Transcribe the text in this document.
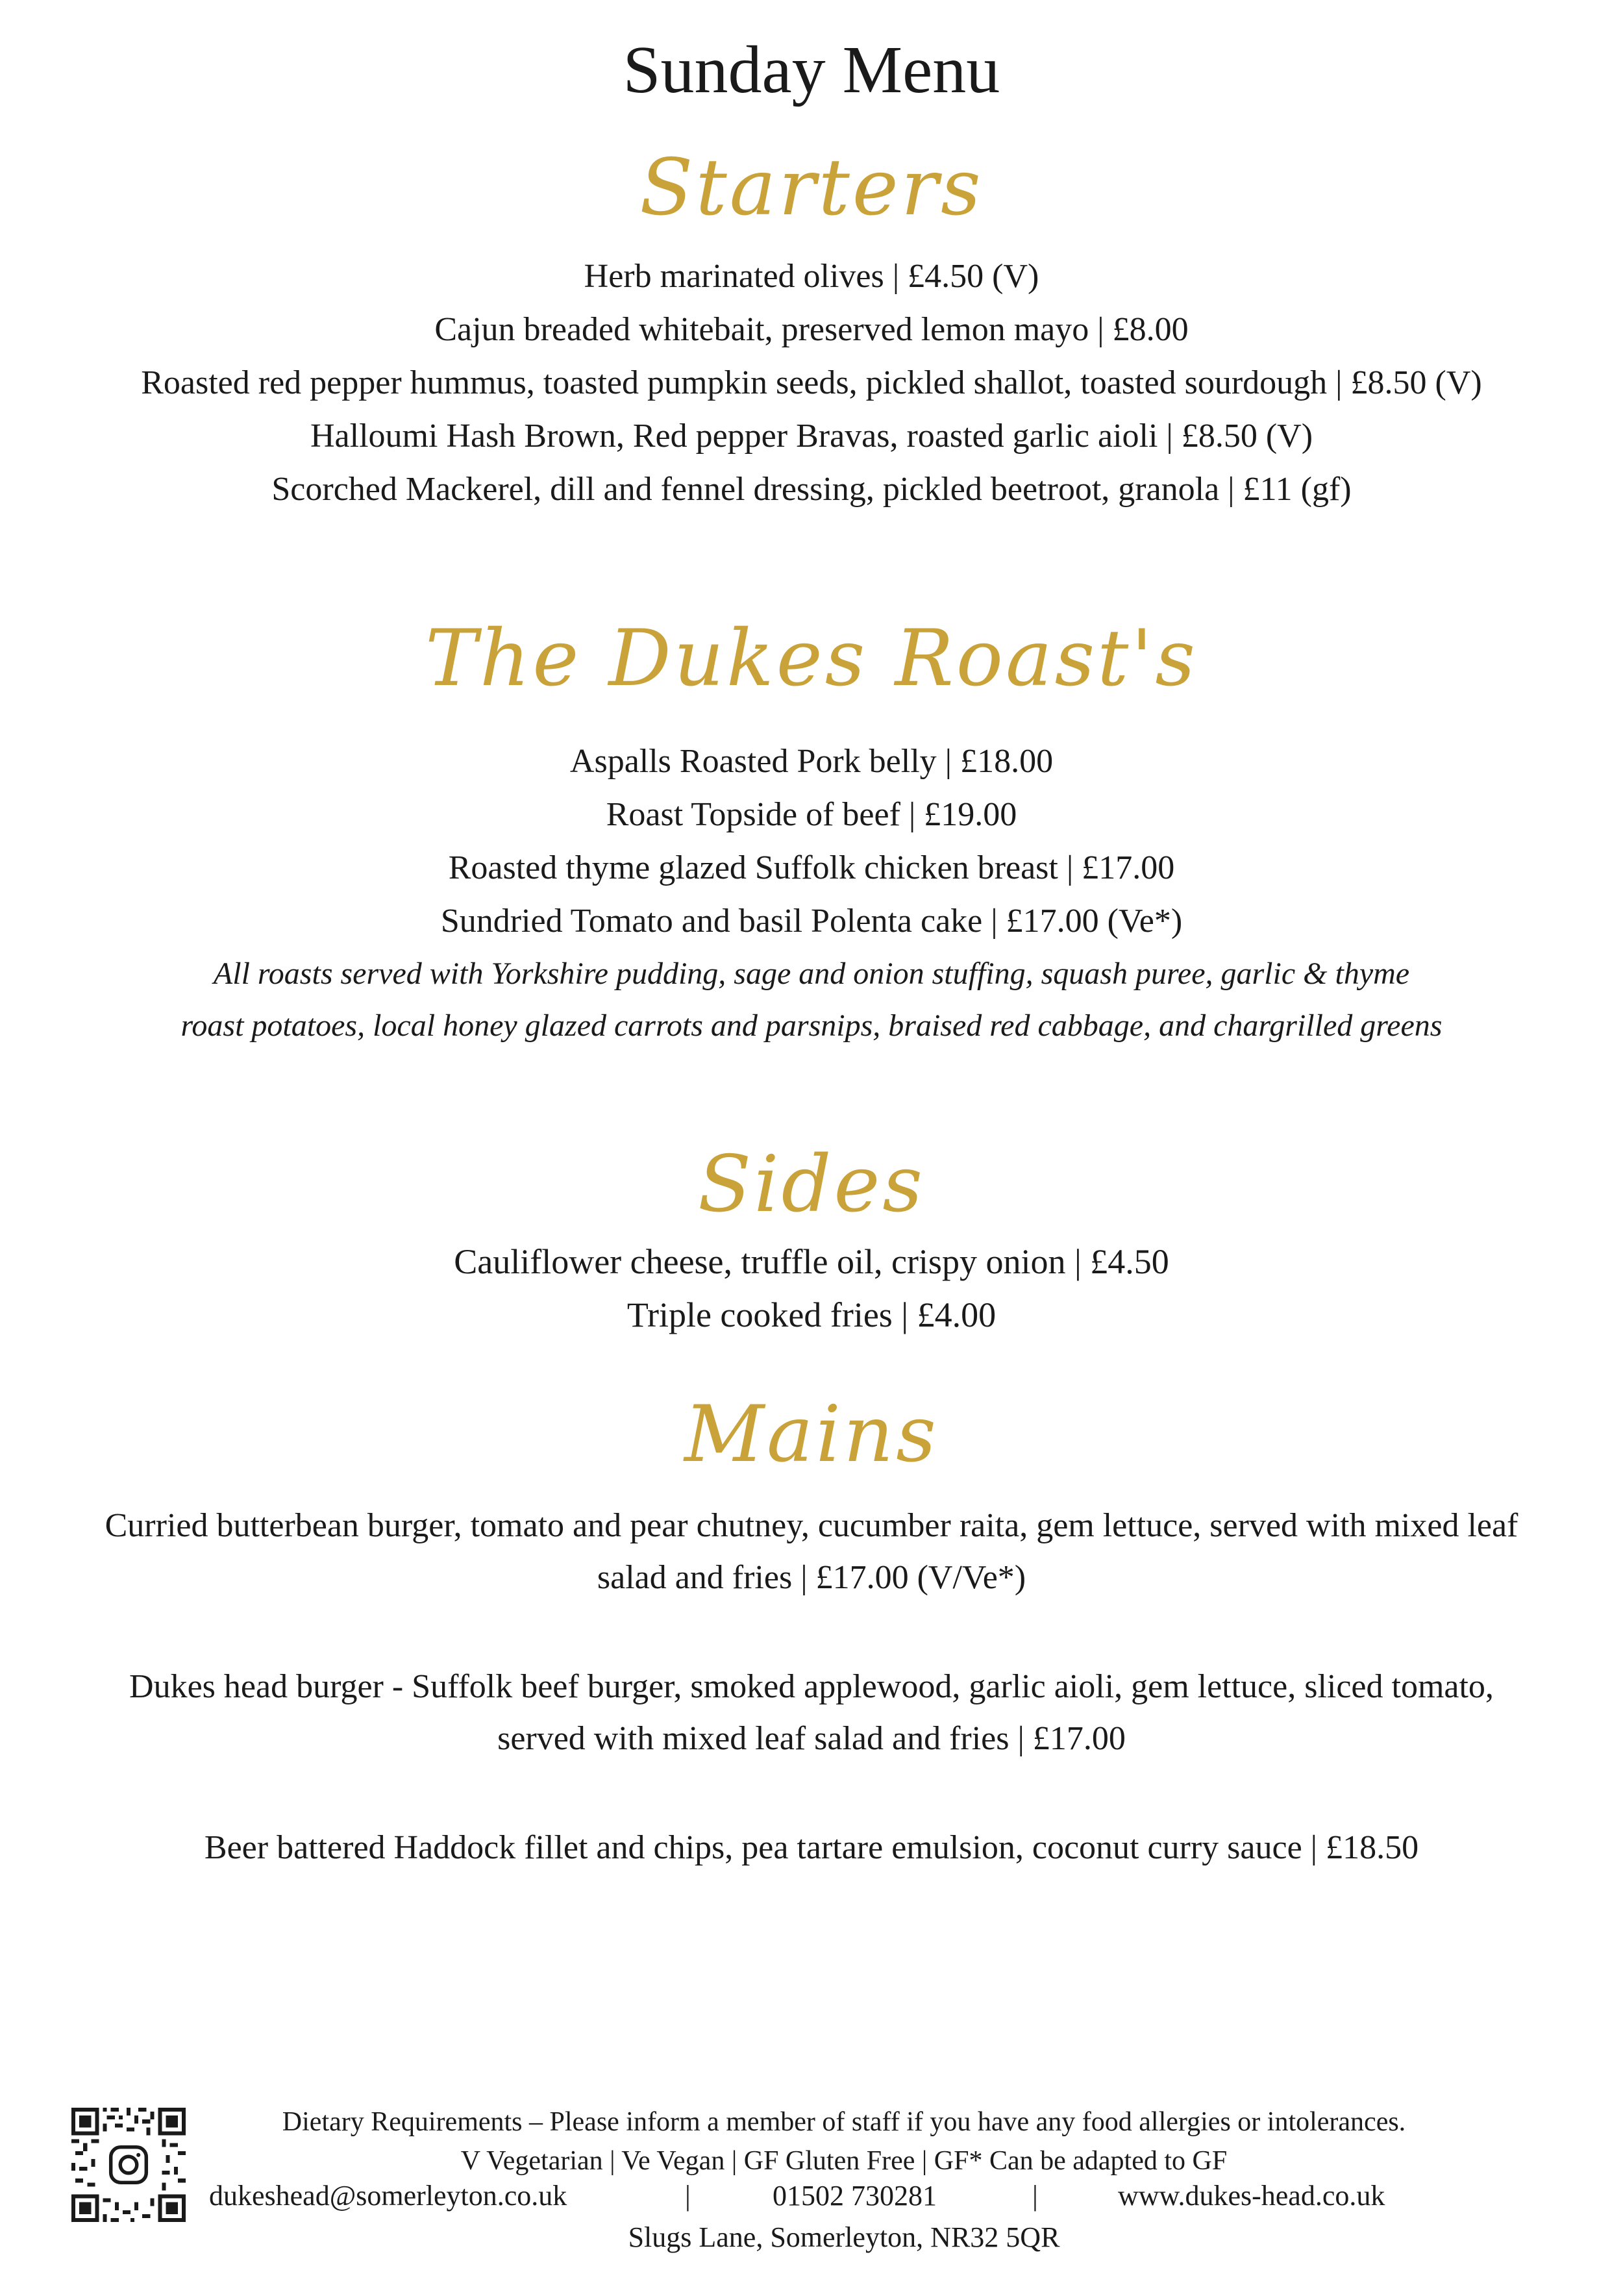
Sunday Menu
Starters

Herb marinated olives | £4.50 (V)

Cajun breaded whitebait, preserved lemon mayo | £8.00

Roasted red pepper hummus, toasted pumpkin seeds, pickled shallot, toasted sourdough | £8.50 (V)

Halloumi Hash Brown, Red pepper Bravas, roasted garlic aioli | £8.50 (V)

Scorched Mackerel, dill and fennel dressing, pickled beetroot, granola | £11 (gf)

The Dukes Roast's

Aspalls Roasted Pork belly | £18.00

Roast Topside of beef | £19.00

Roasted thyme glazed Suffolk chicken breast | £17.00

Sundried Tomato and basil Polenta cake | £17.00 (Ve*)

All roasts served with Yorkshire pudding, sage and onion stuffing, squash puree, garlic & thyme

roast potatoes, local honey glazed carrots and parsnips, braised red cabbage, and chargrilled greens

Sides

Cauliflower cheese, truffle oil, crispy onion | £4.50

Triple cooked fries | £4.00

Mains

Curried butterbean burger, tomato and pear chutney, cucumber raita, gem lettuce, served with mixed leaf

salad and fries | £17.00 (V/Ve*)

Dukes head burger - Suffolk beef burger, smoked applewood, garlic aioli, gem lettuce, sliced tomato,

served with mixed leaf salad and fries | £17.00

Beer battered Haddock fillet and chips, pea tartare emulsion, coconut curry sauce | £18.50

Dietary Requirements – Please inform a member of staff if you have any food allergies or intolerances.

V Vegetarian | Ve Vegan | GF Gluten Free | GF* Can be adapted to GF

dukeshead@somerleyton.co.uk	|	01502 730281	|	www.dukes-head.co.uk
Slugs Lane, Somerleyton, NR32 5QR
